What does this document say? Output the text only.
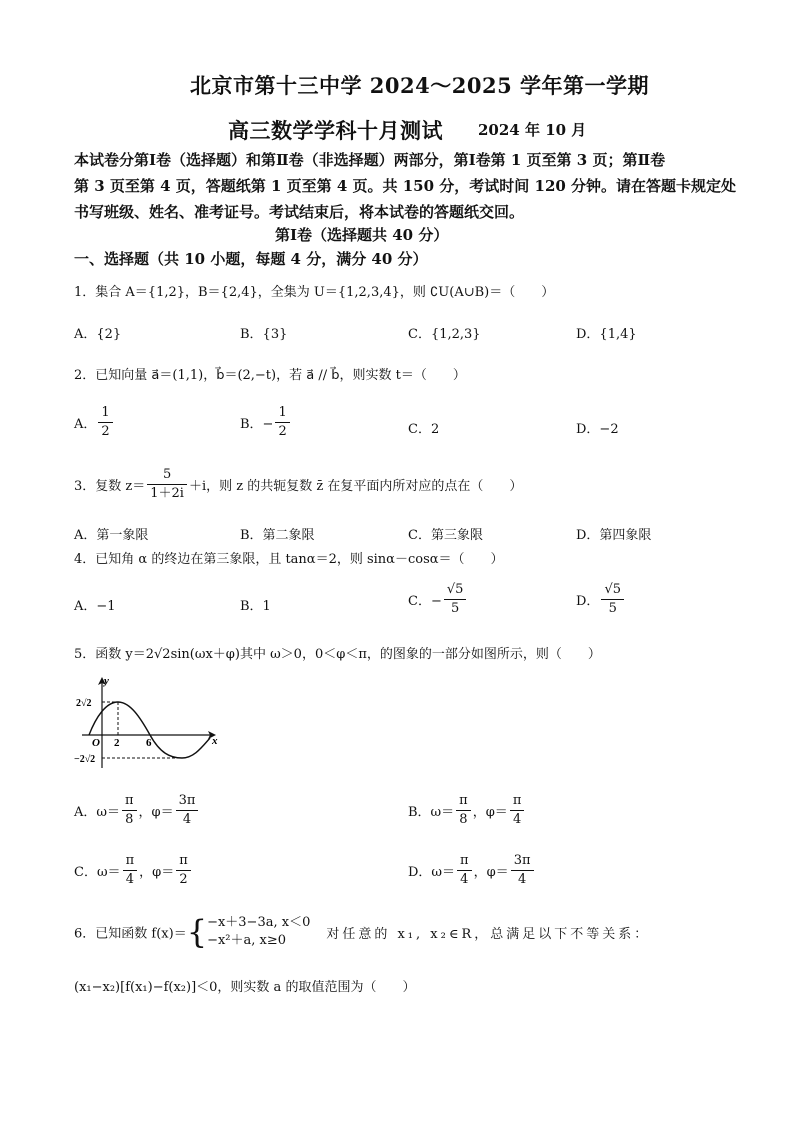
北京市第十三中学 2024～2025 学年第一学期
高三数学学科十月测试 2024 年 10 月
本试卷分第Ⅰ卷（选择题）和第Ⅱ卷（非选择题）两部分，第Ⅰ卷第 1 页至第 3 页；第Ⅱ卷
第 3 页至第 4 页，答题纸第 1 页至第 4 页。共 150 分，考试时间 120 分钟。请在答题卡规定处
书写班级、姓名、准考证号。考试结束后，将本试卷的答题纸交回。
第Ⅰ卷（选择题共 40 分）
一、选择题（共 10 小题，每题 4 分，满分 40 分）
1．集合 A＝{1,2}，B＝{2,4}，全集为 U＝{1,2,3,4}，则 ∁U(A∪B)＝（　　）
A．{2}	B．{3}	C．{1,2,3}	D．{1,4}
2．已知向量 a⃗＝(1,1)，b⃗＝(2,−t)，若 a⃗ // b⃗，则实数 t＝（　　）
A． $\frac{1}{2}$	B．− $\frac{1}{2}$	C．2	D．−2
3．复数 $z= \frac{5}{1+2i} +i$，则 z 的共轭复数 z̄ 在复平面内所对应的点在（　　）
A．第一象限	B．第二象限	C．第三象限	D．第四象限
4．已知角 α 的终边在第三象限，且 tanα＝2，则 sinα－cosα＝（　　）
A．−1	B．1	C．− $\frac{√5}{5}$	D． $\frac{√5}{5}$
5．函数 y＝2√2sin(ωx＋φ)其中 ω＞0，0＜φ＜π，的图象的一部分如图所示，则（　　）
y
x
O
2√2
−2√2
2 6
A．$\omega= \frac{\pi}{8}$ ，$\varphi= \frac{3\pi}{4}$	B．$\omega= \frac{\pi}{8}$ ，$\varphi= \frac{\pi}{4}$
C．$\omega= \frac{\pi}{4}$ ，$\varphi= \frac{\pi}{2}$	D．$\omega= \frac{\pi}{4}$ ，$\varphi= \frac{3\pi}{4}$
6．已知函数 f(x)＝{ −x＋3−3a, x＜0
−x²＋a, x≥0	对任意的 x₁, x₂∈R，总满足以下不等关系：
(x₁−x₂)[f(x₁)−f(x₂)]＜0，则实数 a 的取值范围为（　　）
